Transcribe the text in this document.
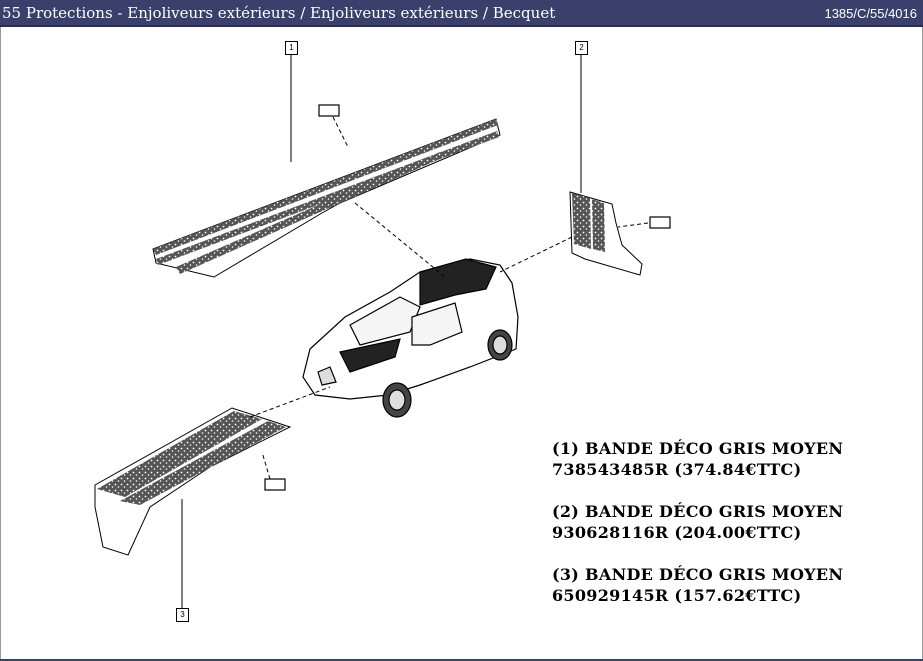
55 Protections - Enjoliveurs extérieurs / Enjoliveurs extérieurs / Becquet	1385/C/55/4016
1	2
3
(1) BANDE DÉCO GRIS MOYEN
738543485R (374.84€TTC)
(2) BANDE DÉCO GRIS MOYEN
930628116R (204.00€TTC)
(3) BANDE DÉCO GRIS MOYEN
650929145R (157.62€TTC)
